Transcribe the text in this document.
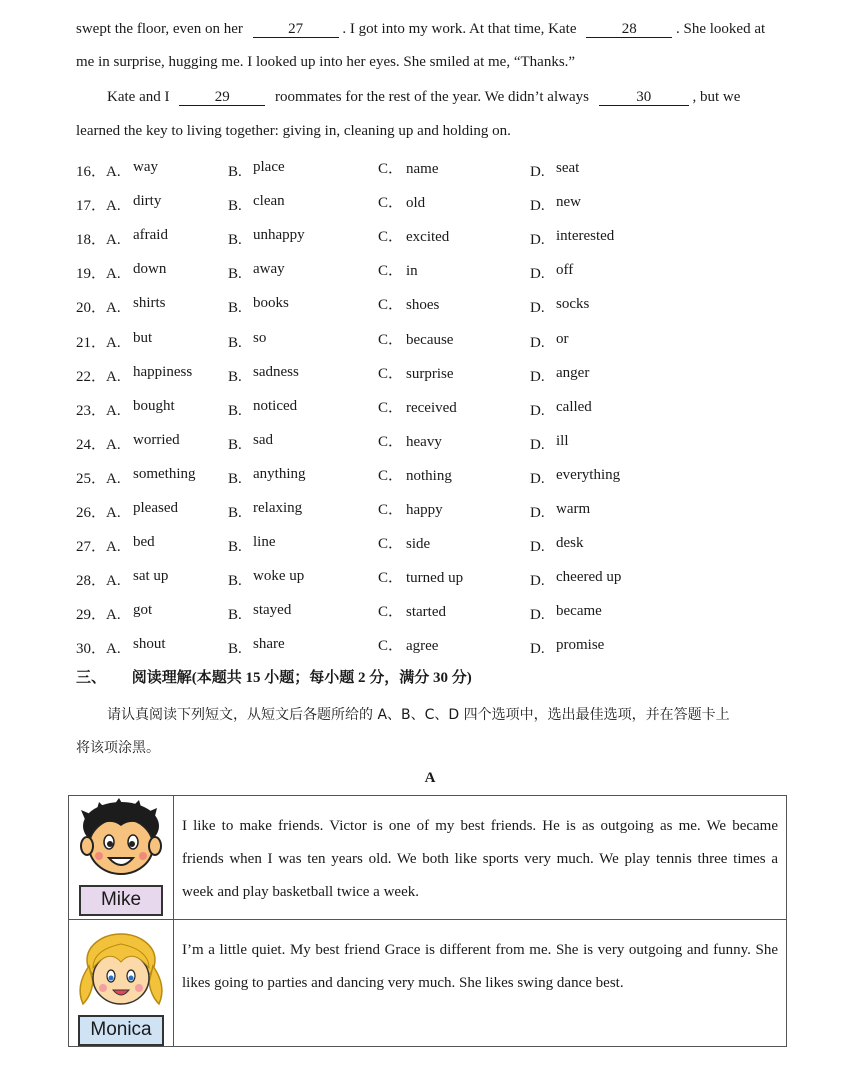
swept the floor, even on her	27	. I got into my work. At that time, Kate	28	. She looked at
me in surprise, hugging me. I looked up into her eyes. She smiled at me, “Thanks.”
Kate and I	29	roommates for the rest of the year. We didn’t always	30	, but we
learned the key to living together: giving in, cleaning up and holding on.
16．A. way	B. place	C． name	D. seat
17．A. dirty	B. clean	C． old	D. new
18．A. afraid	B. unhappy	C． excited	D. interested
19．A. down	B. away	C． in	D. off
20．A. shirts	B. books	C． shoes	D. socks
21．A. but	B. so	C． because	D. or
22．A. happiness B. sadness	C． surprise	D. anger
23．A. bought	B. noticed	C． received	D. called
24．A. worried	B. sad	C． heavy	D. ill
25．A. something B. anything	C． nothing	D. everything
26．A. pleased	B. relaxing	C． happy	D. warm
27．A. bed	B. line	C． side	D. desk
28．A. sat up	B. woke up	C． turned up	D. cheered up
29．A. got	B. stayed	C． started	D. became
30．A. shout	B. share	C． agree	D. promise
三、 阅读理解(本题共 15 小题；每小题 2 分，满分 30 分)
请认真阅读下列短文，从短文后各题所给的 A、B、C、D 四个选项中，选出最佳选项，并在答题卡上
将该项涂黑。
A
Mike	I like to make friends. Victor is one of my best friends. He is as outgoing as me. We became friends when I was ten years old. We both like sports very much. We play tennis three times a week and play basketball twice a week.

Monica	I’m a little quiet. My best friend Grace is different from me. She is very outgoing and funny. She likes going to parties and dancing very much. She likes swing dance best.
